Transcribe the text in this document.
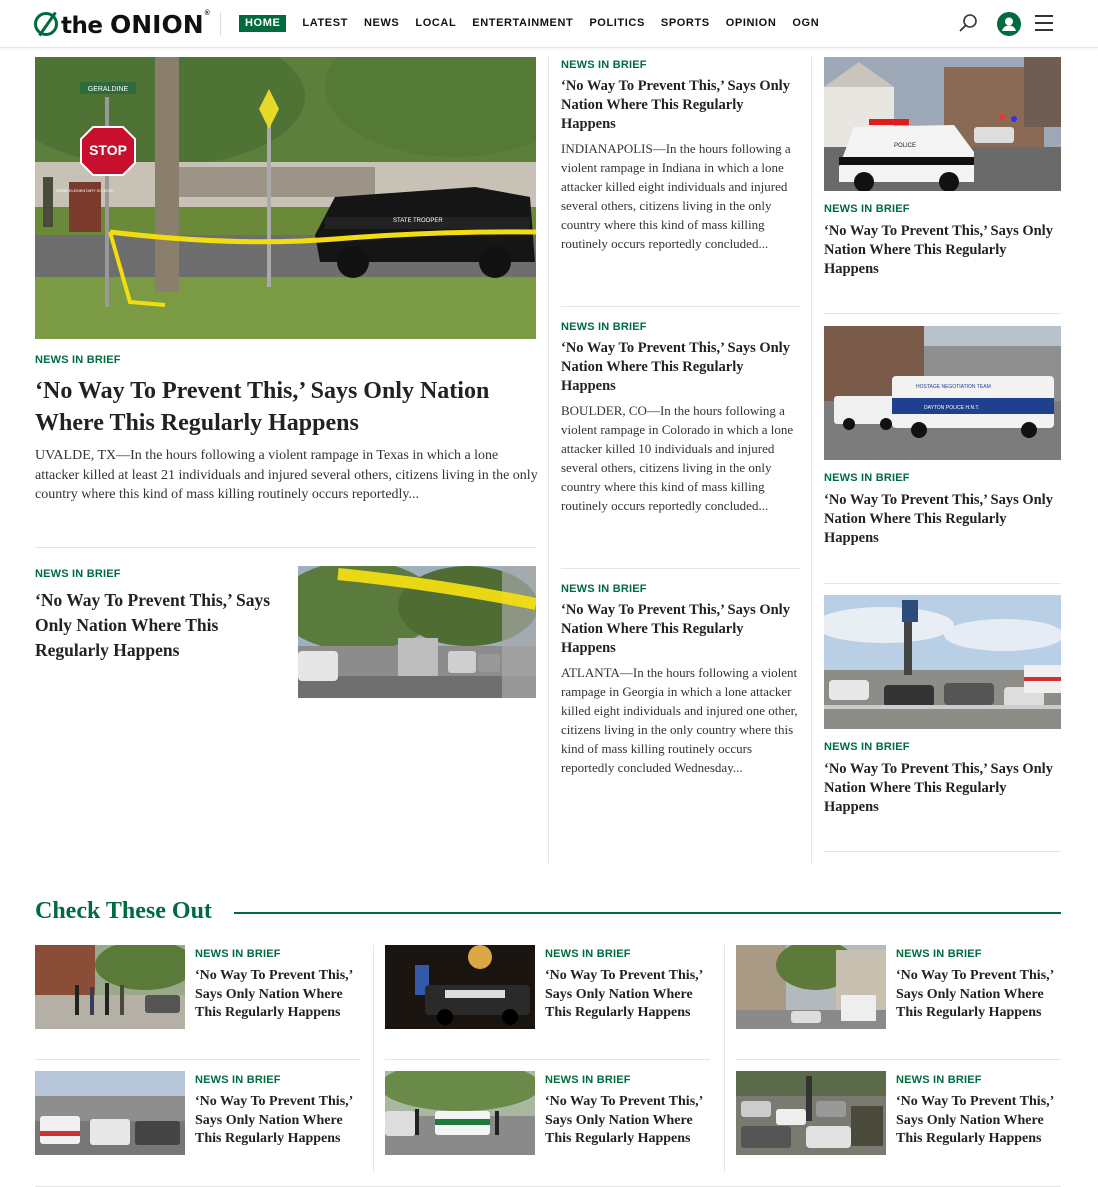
the ONION®
HOME	LATEST NEWS LOCAL ENTERTAINMENT POLITICS SPORTS OPINION OGN
STOP
GERALDINE
ROBB ELEMENTARY SCHOOL
STATE TROOPER
NEWS IN BRIEF
‘No Way To Prevent This,’ Says Only Nation Where This Regularly Happens

UVALDE, TX—In the hours following a violent rampage in Texas in which a lone attacker killed at least 21 individuals and injured several others, citizens living in the only country where this kind of mass killing routinely occurs reportedly...

NEWS IN BRIEF
‘No Way To Prevent This,’ Says Only Nation Where This Regularly Happens
NEWS IN BRIEF
‘No Way To Prevent This,’ Says Only Nation Where This Regularly Happens

INDIANAPOLIS—In the hours following a violent rampage in Indiana in which a lone attacker killed eight individuals and injured several others, citizens living in the only country where this kind of mass killing routinely occurs reportedly concluded...

NEWS IN BRIEF
‘No Way To Prevent This,’ Says Only Nation Where This Regularly Happens

BOULDER, CO—In the hours following a violent rampage in Colorado in which a lone attacker killed 10 individuals and injured several others, citizens living in the only country where this kind of mass killing routinely occurs reportedly concluded...

NEWS IN BRIEF
‘No Way To Prevent This,’ Says Only Nation Where This Regularly Happens

ATLANTA—In the hours following a violent rampage in Georgia in which a lone attacker killed eight individuals and injured one other, citizens living in the only country where this kind of mass killing routinely occurs reportedly concluded Wednesday...

POLICE
NEWS IN BRIEF
‘No Way To Prevent This,’ Says Only Nation Where This Regularly Happens
HOSTAGE NEGOTIATION TEAM
DAYTON POLICE H.N.T.
NEWS IN BRIEF
‘No Way To Prevent This,’ Says Only Nation Where This Regularly Happens
NEWS IN BRIEF
‘No Way To Prevent This,’ Says Only Nation Where This Regularly Happens
Check These Out
NEWS IN BRIEF
‘No Way To Prevent This,’ Says Only Nation Where This Regularly Happens
NEWS IN BRIEF
‘No Way To Prevent This,’ Says Only Nation Where This Regularly Happens
NEWS IN BRIEF
‘No Way To Prevent This,’ Says Only Nation Where This Regularly Happens
NEWS IN BRIEF
‘No Way To Prevent This,’ Says Only Nation Where This Regularly Happens
NEWS IN BRIEF
‘No Way To Prevent This,’ Says Only Nation Where This Regularly Happens
NEWS IN BRIEF
‘No Way To Prevent This,’ Says Only Nation Where This Regularly Happens
